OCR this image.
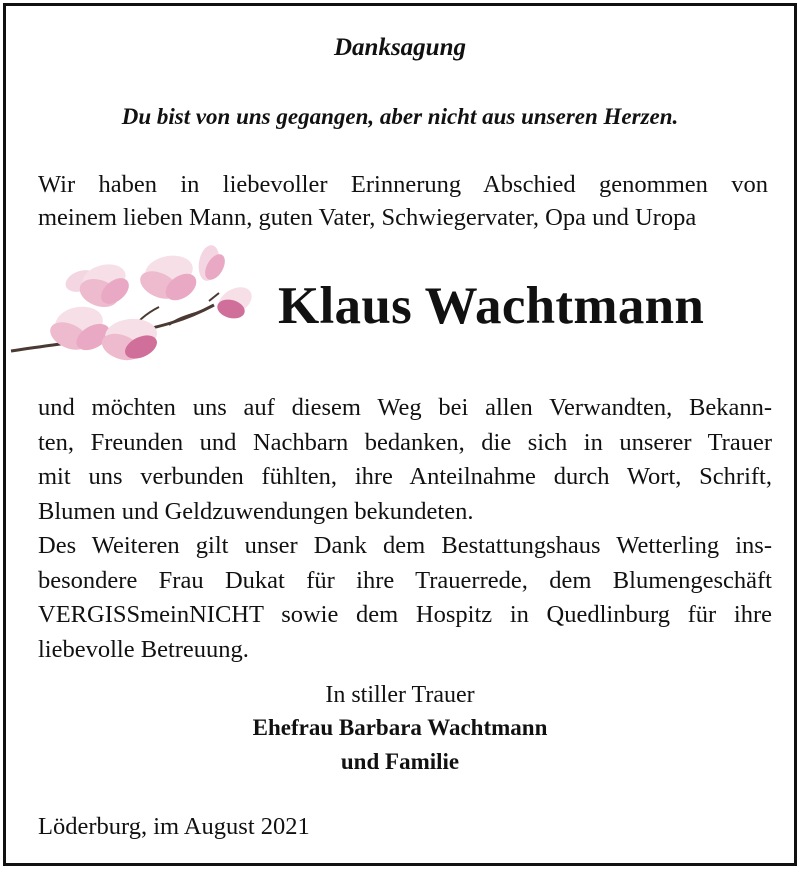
Danksagung
Du bist von uns gegangen, aber nicht aus unseren Herzen.
Wir haben in liebevoller Erinnerung Abschied genommen von
meinem lieben Mann, guten Vater, Schwiegervater, Opa und Uropa
Klaus Wachtmann
und möchten uns auf diesem Weg bei allen Verwandten, Bekann-
ten, Freunden und Nachbarn bedanken, die sich in unserer Trauer
mit uns verbunden fühlten, ihre Anteilnahme durch Wort, Schrift,
Blumen und Geldzuwendungen bekundeten.
Des Weiteren gilt unser Dank dem Bestattungshaus Wetterling ins-
besondere Frau Dukat für ihre Trauerrede, dem Blumengeschäft
VERGISSmeinNICHT sowie dem Hospitz in Quedlinburg für ihre
liebevolle Betreuung.
In stiller Trauer
Ehefrau Barbara Wachtmann
und Familie
Löderburg, im August 2021
